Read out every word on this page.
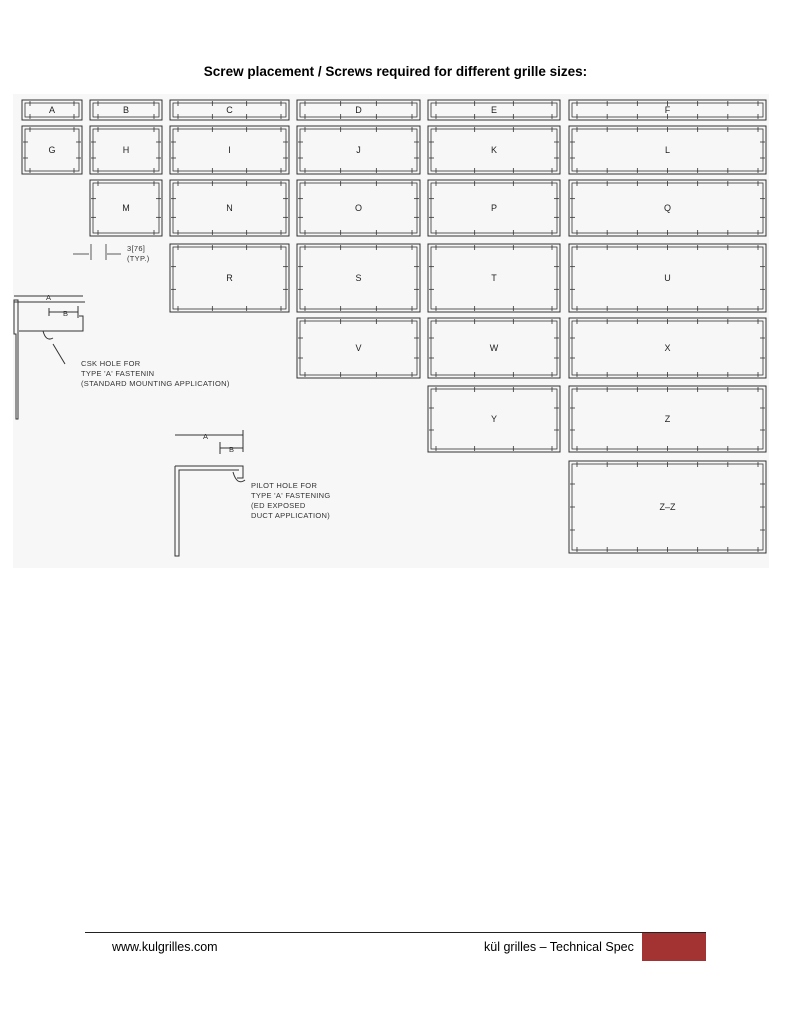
Screw placement / Screws required for different grille sizes:
A	B	C	D	E	F
G	H	I	J	K	L
M	N	O	P	Q
R	S	T	U
V	W	X
Y	Z
Z–Z
3[76]
(TYP.)
A
B
CSK HOLE FOR
TYPE 'A' FASTENIN
(STANDARD MOUNTING APPLICATION)
A
B
PILOT HOLE FOR
TYPE 'A' FASTENING
(ED EXPOSED
DUCT APPLICATION)
www.kulgrilles.com	kül grilles – Technical Spec
